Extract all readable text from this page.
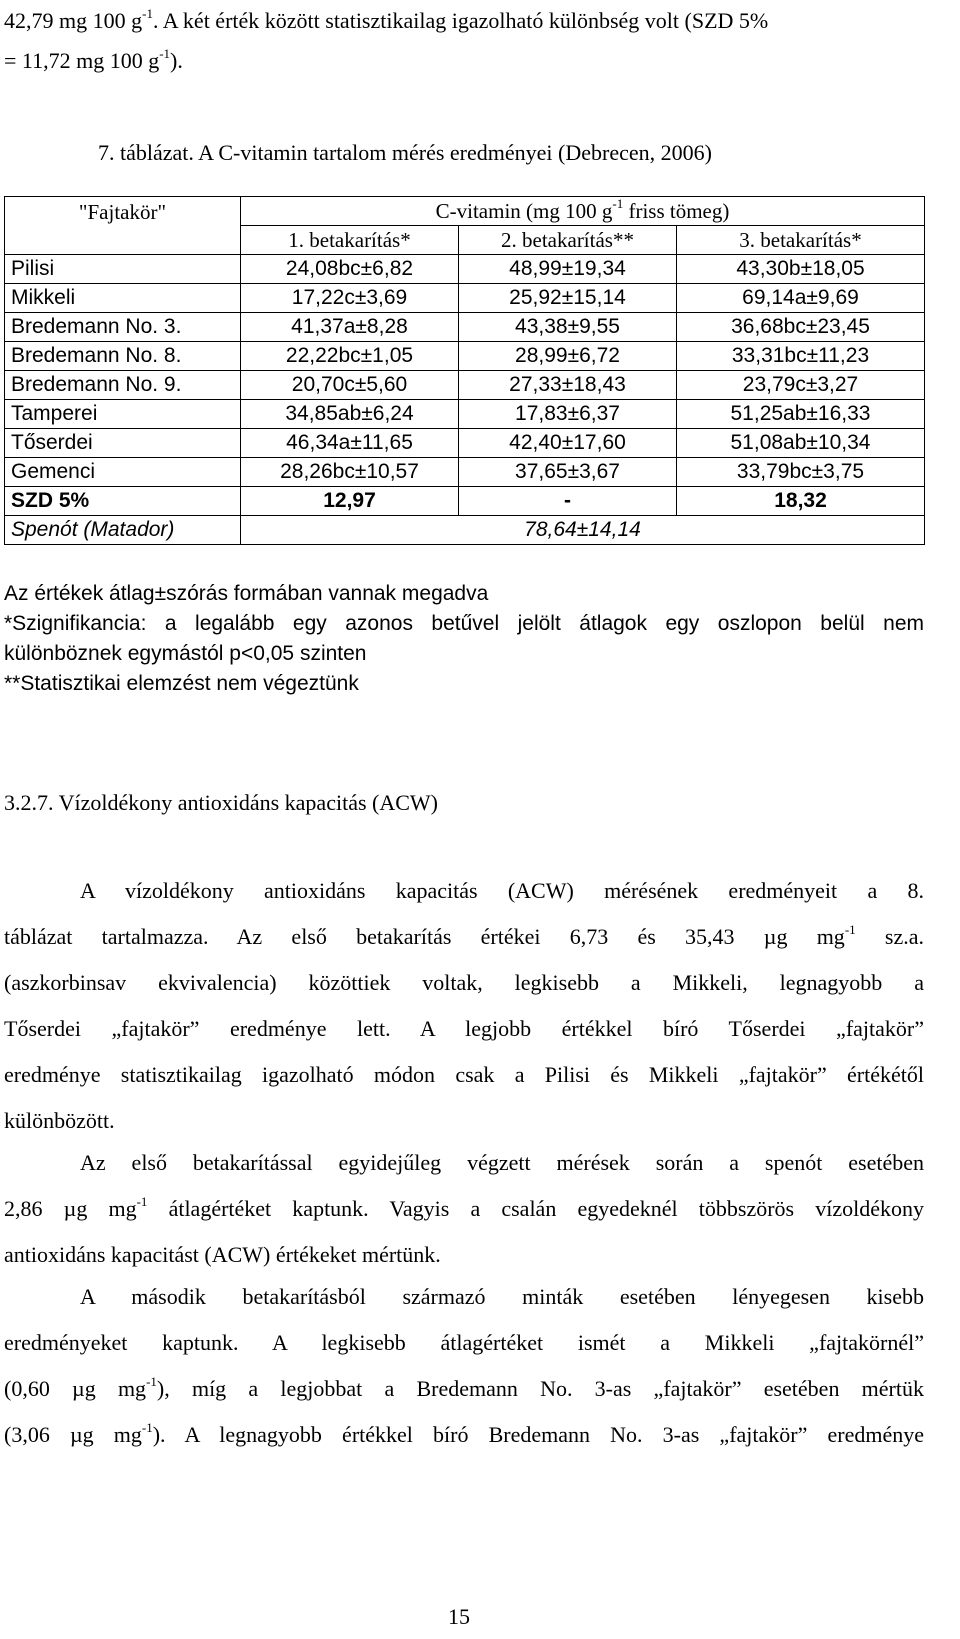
42,79 mg 100 $g^{-1}$. A két érték között statisztikailag igazolható különbség volt (SZD 5%
= 11,72 mg 100 $g^{-1}$).
7. táblázat. A C-vitamin tartalom mérés eredményei (Debrecen, 2006)
"Fajtakör"	C-vitamin (mg 100 $g^{-1}$ friss tömeg)		
	1. betakarítás*	2. betakarítás**	3. betakarítás*
Pilisi	24,08bc±6,82	48,99±19,34	43,30b±18,05
Mikkeli	17,22c±3,69	25,92±15,14	69,14a±9,69
Bredemann No. 3.	41,37a±8,28	43,38±9,55	36,68bc±23,45
Bredemann No. 8.	22,22bc±1,05	28,99±6,72	33,31bc±11,23
Bredemann No. 9.	20,70c±5,60	27,33±18,43	23,79c±3,27
Tamperei	34,85ab±6,24	17,83±6,37	51,25ab±16,33
Tőserdei	46,34a±11,65	42,40±17,60	51,08ab±10,34
Gemenci	28,26bc±10,57	37,65±3,67	33,79bc±3,75
SZD 5%	12,97	-	18,32
Spenót (Matador)	78,64±14,14		
Az értékek átlag±szórás formában vannak megadva
*Szignifikancia: a legalább egy azonos betűvel jelölt átlagok egy oszlopon belül nem
különböznek egymástól p<0,05 szinten
**Statisztikai elemzést nem végeztünk
3.2.7. Vízoldékony antioxidáns kapacitás (ACW)
A vízoldékony antioxidáns kapacitás (ACW) mérésének eredményeit a 8.
táblázat tartalmazza. Az első betakarítás értékei 6,73 és 35,43 µg $mg^{-1}$ sz.a.
(aszkorbinsav ekvivalencia) közöttiek voltak, legkisebb a Mikkeli, legnagyobb a
Tőserdei „fajtakör” eredménye lett. A legjobb értékkel bíró Tőserdei „fajtakör”
eredménye statisztikailag igazolható módon csak a Pilisi és Mikkeli „fajtakör” értékétől
különbözött.
Az első betakarítással egyidejűleg végzett mérések során a spenót esetében
2,86 µg $mg^{-1}$ átlagértéket kaptunk. Vagyis a csalán egyedeknél többszörös vízoldékony
antioxidáns kapacitást (ACW) értékeket mértünk.
A második betakarításból származó minták esetében lényegesen kisebb
eredményeket kaptunk. A legkisebb átlagértéket ismét a Mikkeli „fajtakörnél”
(0,60 µg $mg^{-1}$), míg a legjobbat a Bredemann No. 3-as „fajtakör” esetében mértük
(3,06 µg $mg^{-1}$). A legnagyobb értékkel bíró Bredemann No. 3-as „fajtakör” eredménye
15
